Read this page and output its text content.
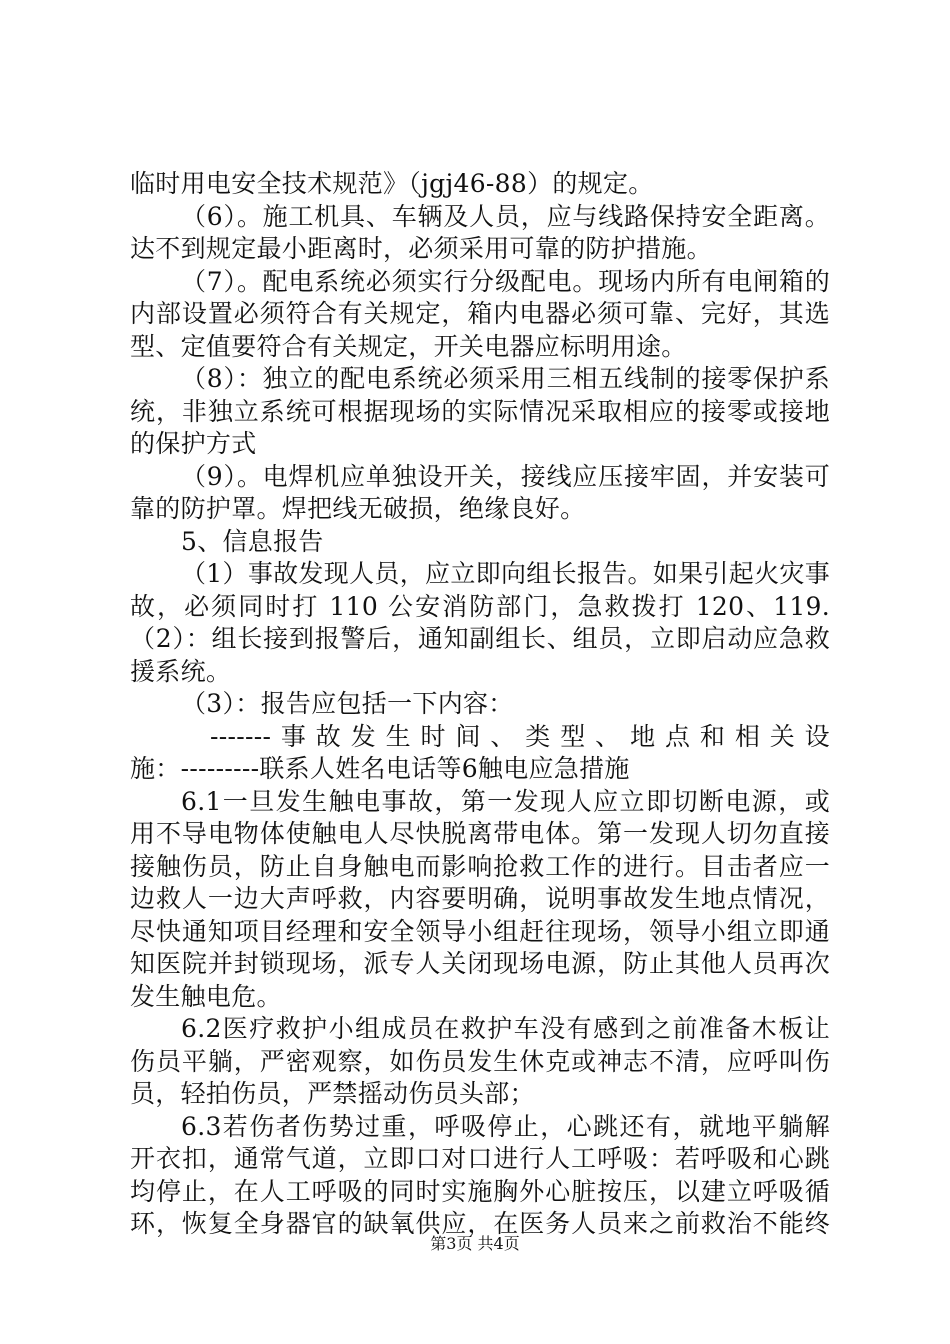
临时用电安全技术规范》（jgj46-88）的规定。
（6）。施工机具、车辆及人员，应与线路保持安全距离。
达不到规定最小距离时，必须采用可靠的防护措施。
（7）。配电系统必须实行分级配电。现场内所有电闸箱的
内部设置必须符合有关规定，箱内电器必须可靠、完好，其选
型、定值要符合有关规定，开关电器应标明用途。
（8）：独立的配电系统必须采用三相五线制的接零保护系
统，非独立系统可根据现场的实际情况采取相应的接零或接地
的保护方式
（9）。电焊机应单独设开关，接线应压接牢固，并安装可
靠的防护罩。焊把线无破损，绝缘良好。
5、信息报告
（1）事故发现人员，应立即向组长报告。如果引起火灾事
故，必须同时打 110 公安消防部门，急救拨打 120、119.
（2）：组长接到报警后，通知副组长、组员，立即启动应急救
援系统。
（3）：报告应包括一下内容：
-------事故发生时间、类型、地点和相关设
施：---------联系人姓名电话等6触电应急措施
6.1一旦发生触电事故，第一发现人应立即切断电源，或
用不导电物体使触电人尽快脱离带电体。第一发现人切勿直接
接触伤员，防止自身触电而影响抢救工作的进行。目击者应一
边救人一边大声呼救，内容要明确，说明事故发生地点情况，
尽快通知项目经理和安全领导小组赶往现场，领导小组立即通
知医院并封锁现场，派专人关闭现场电源，防止其他人员再次
发生触电危。
6.2医疗救护小组成员在救护车没有感到之前准备木板让
伤员平躺，严密观察，如伤员发生休克或神志不清，应呼叫伤
员，轻拍伤员，严禁摇动伤员头部；
6.3若伤者伤势过重，呼吸停止，心跳还有，就地平躺解
开衣扣，通常气道，立即口对口进行人工呼吸：若呼吸和心跳
均停止，在人工呼吸的同时实施胸外心脏按压，以建立呼吸循
环，恢复全身器官的缺氧供应，在医务人员来之前救治不能终
第3页 共4页
